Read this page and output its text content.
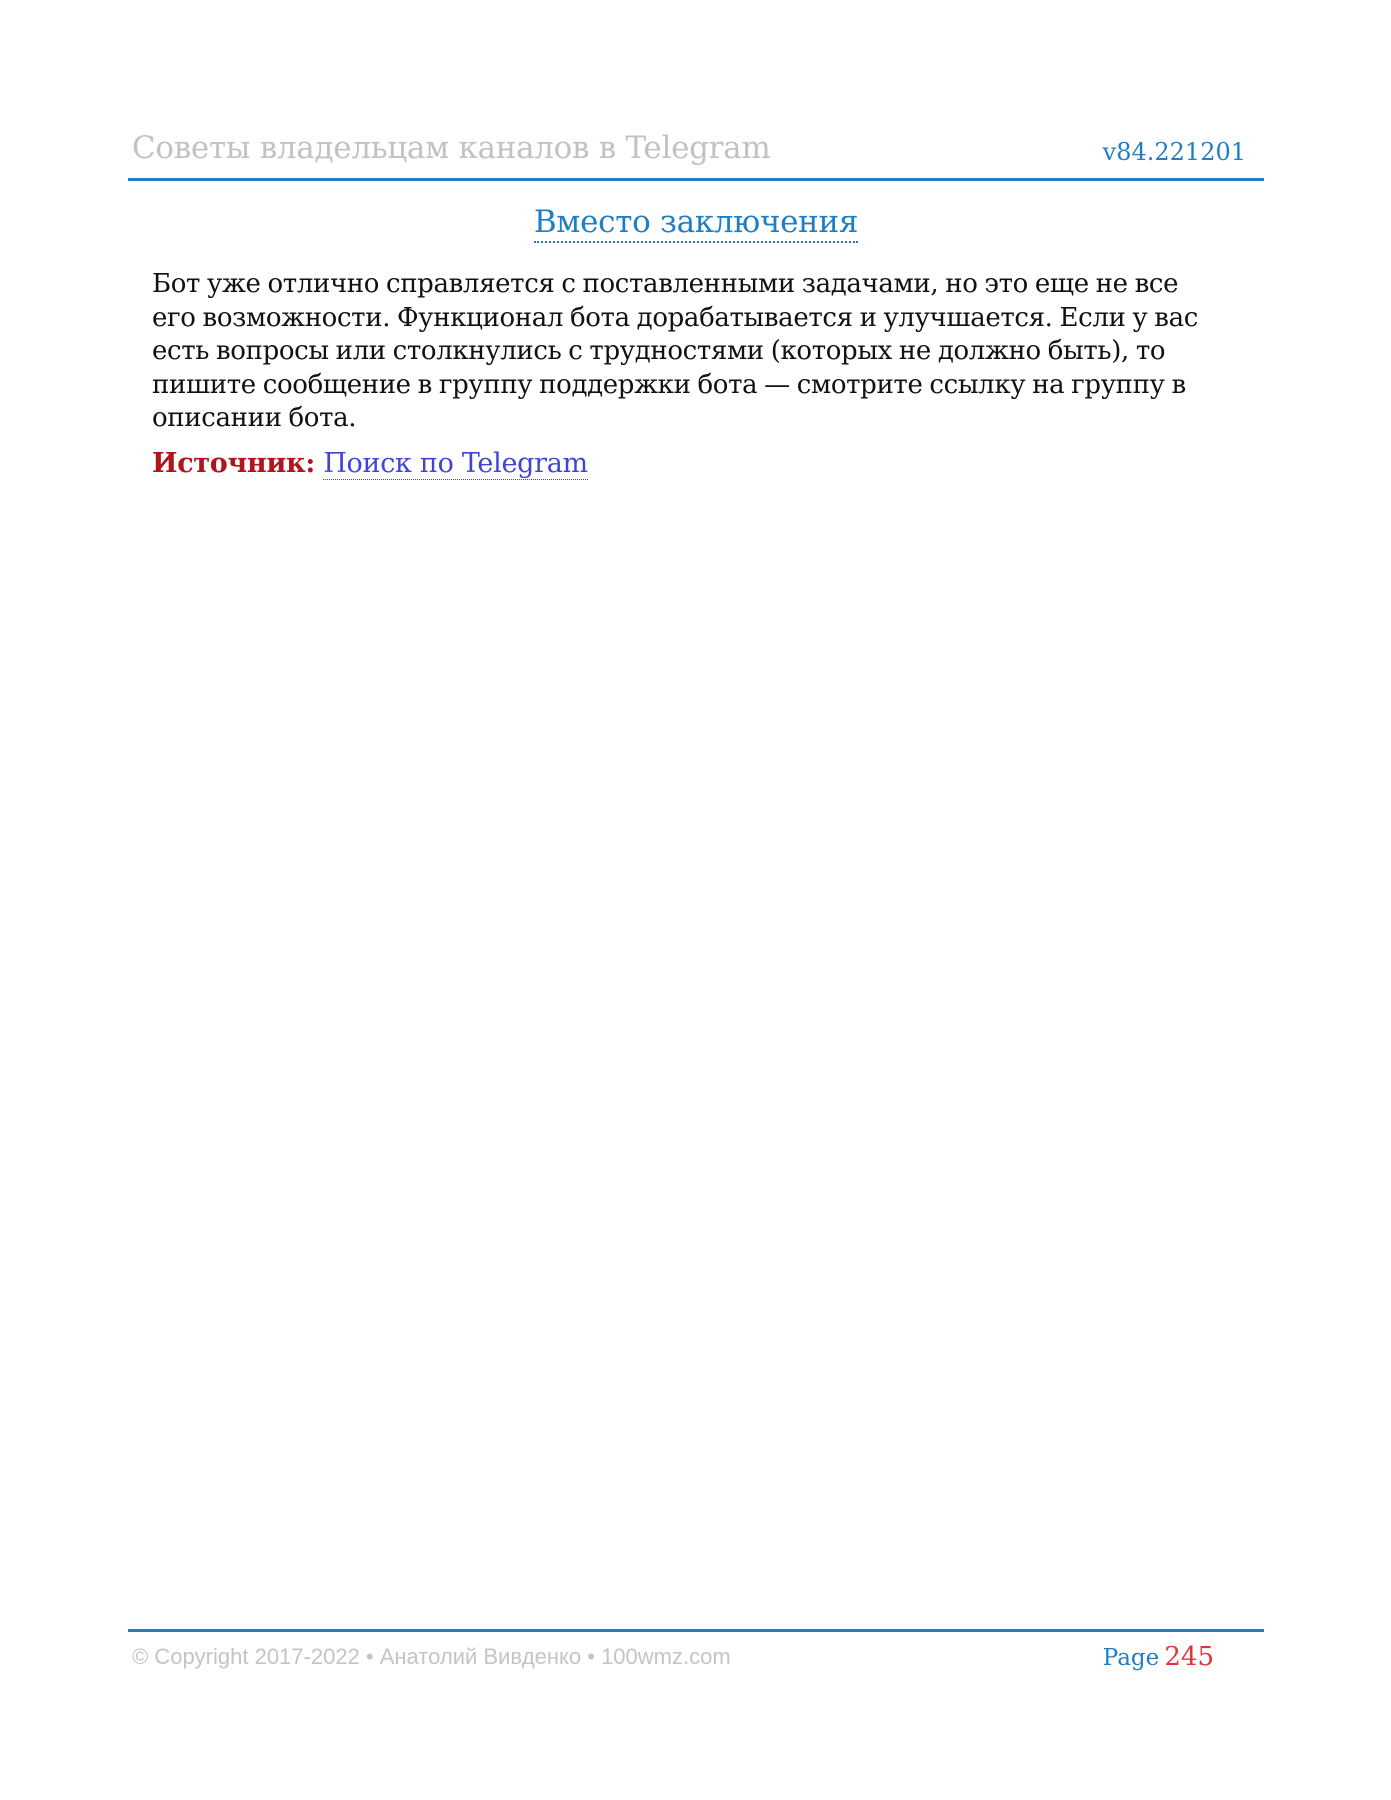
Советы владельцам каналов в Telegram	v84.221201
Вместо заключения
Бот уже отлично справляется с поставленными задачами, но это еще не все
его возможности. Функционал бота дорабатывается и улучшается. Если у вас
есть вопросы или столкнулись с трудностями (которых не должно быть), то
пишите сообщение в группу поддержки бота — смотрите ссылку на группу в
описании бота.
Источник: Поиск по Telegram
© Copyright 2017-2022 • Анатолий Вивденко • 100wmz.com	Page 245
